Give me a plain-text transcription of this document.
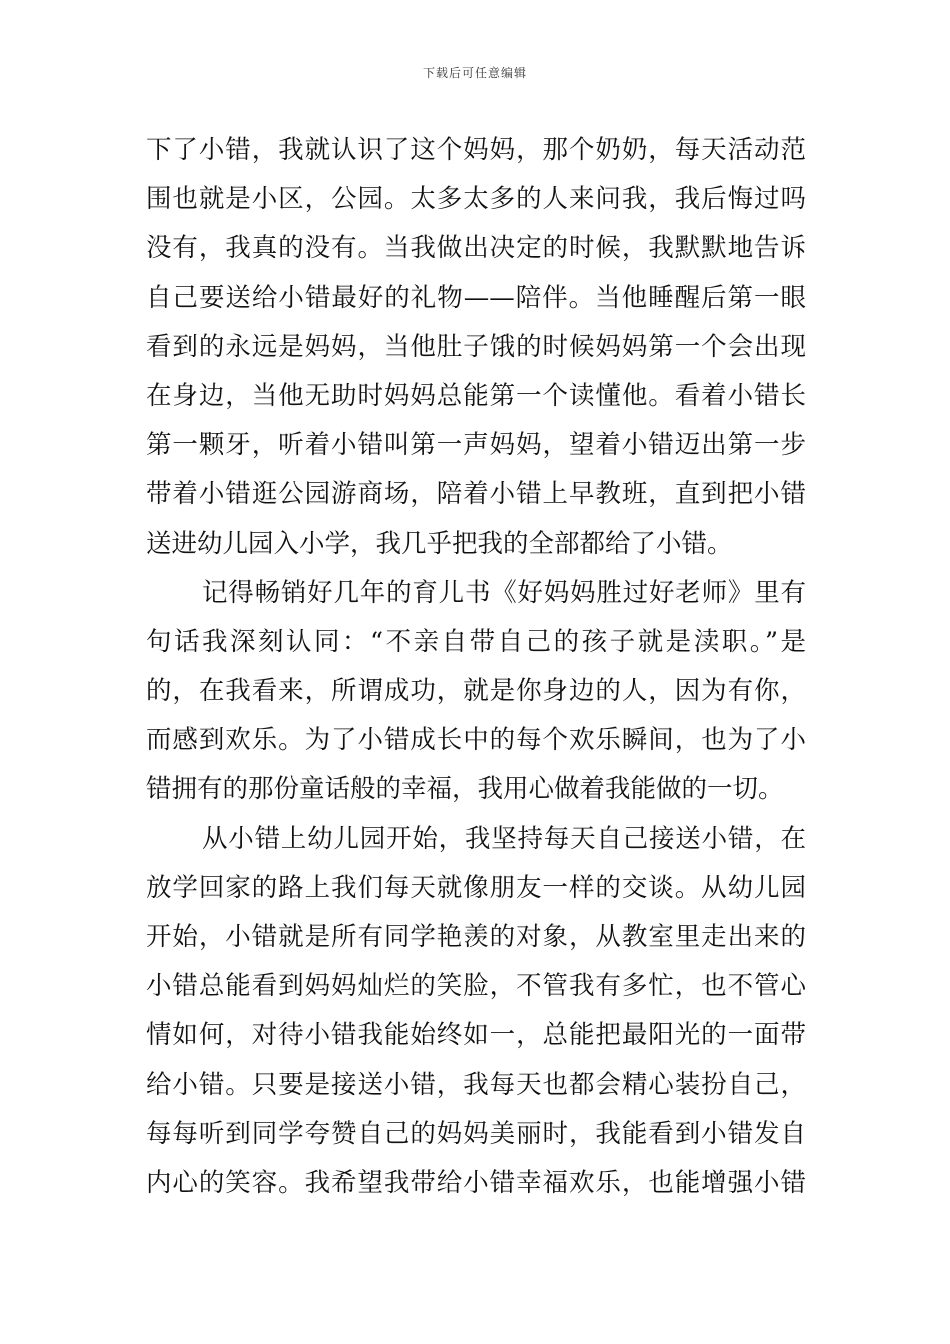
下载后可任意编辑
下了小错，我就认识了这个妈妈，那个奶奶，每天活动范
围也就是小区，公园。太多太多的人来问我，我后悔过吗
没有，我真的没有。当我做出决定的时候，我默默地告诉
自己要送给小错最好的礼物——陪伴。当他睡醒后第一眼
看到的永远是妈妈，当他肚子饿的时候妈妈第一个会出现
在身边，当他无助时妈妈总能第一个读懂他。看着小错长
第一颗牙，听着小错叫第一声妈妈，望着小错迈出第一步
带着小错逛公园游商场，陪着小错上早教班，直到把小错
送进幼儿园入小学，我几乎把我的全部都给了小错。
记得畅销好几年的育儿书《好妈妈胜过好老师》里有
句话我深刻认同：“不亲自带自己的孩子就是渎职。”是
的，在我看来，所谓成功，就是你身边的人，因为有你，
而感到欢乐。为了小错成长中的每个欢乐瞬间，也为了小
错拥有的那份童话般的幸福，我用心做着我能做的一切。
从小错上幼儿园开始，我坚持每天自己接送小错，在
放学回家的路上我们每天就像朋友一样的交谈。从幼儿园
开始，小错就是所有同学艳羡的对象，从教室里走出来的
小错总能看到妈妈灿烂的笑脸，不管我有多忙，也不管心
情如何，对待小错我能始终如一，总能把最阳光的一面带
给小错。只要是接送小错，我每天也都会精心装扮自己，
每每听到同学夸赞自己的妈妈美丽时，我能看到小错发自
内心的笑容。我希望我带给小错幸福欢乐，也能增强小错
